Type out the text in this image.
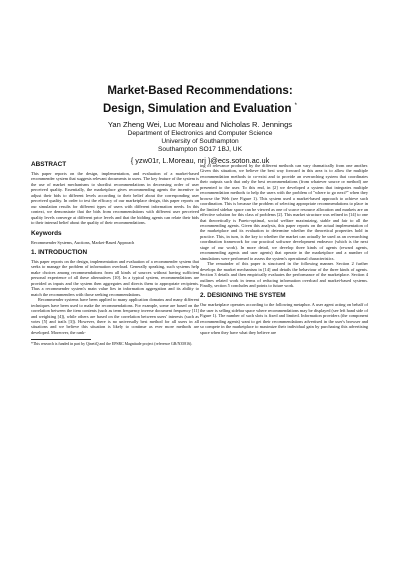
Market-Based Recommendations:
Design, Simulation and Evaluation *
Yan Zheng Wei, Luc Moreau and Nicholas R. Jennings
Department of Electronics and Computer Science
University of Southampton
Southampton SO17 1BJ, UK
{ yzw01r, L.Moreau, nrj }@ecs.soton.ac.uk
ABSTRACT

This paper reports on the design, implementation, and evaluation of a market-based recommender system that suggests relevant documents to users. The key feature of the system is the use of market mechanisms to shortlist recommendations in decreasing order of user perceived quality. Essentially, the marketplace gives recommending agents the incentive to adjust their bids to different levels according to their belief about the corresponding user perceived quality. In order to test the efficacy of our marketplace design, this paper reports on our simulation results for different types of users with different information needs. In this context, we demonstrate that the bids from recommendations with different user perceived quality levels converge at different price levels and that the bidding agents can relate their bids to their internal belief about the quality of their recommendations.

Keywords

Recommender Systems, Auctions, Market-Based Approach

1. INTRODUCTION

This paper reports on the design, implementation and evaluation of a recommender system that seeks to manage the problem of information overload. Generally speaking, such systems help make choices among recommendations from all kinds of sources without having sufficient personal experience of all these alternatives [10]. In a typical system, recommendations are provided as inputs and the system then aggregates and directs them to appropriate recipients. Thus a recommender system's main value lies in information aggregation and its ability to match the recommenders with those seeking recommendations.

Recommender systems have been applied to many application domains and many different techniques have been used to make the recommendations. For example, some are based on the correlation between the item contents (such as term frequency inverse document frequency [11] and weighting [4]), while others are based on the correlation between users' interests (such as votes [5] and trails [3]). However, there is no universally best method for all users in all situations and we believe this situation is likely to continue as ever more methods are developed. Moreover, the rank-

*This research is funded in part by QinetiQ and the EPSRC Magnitude project (reference GR/N35816).

ing of relevance produced by the different methods can vary dramatically from one another. Given this situation, we believe the best way forward in this area is to allow the multiple recommendation methods to co-exist and to provide an overarching system that coordinates their outputs such that only the best recommendations (from whatever source or method) are presented to the user. To this end, in [2] we developed a system that integrates multiple recommendation methods to help the users with the problem of "where to go next?" when they browse the Web (see Figure 1). This system used a market-based approach to achieve such coordination. This is because the problem of selecting appropriate recommendations to place in the limited sidebar space can be viewed as one of scarce resource allocation and markets are an effective solution for this class of problems [2]. This market structure was refined in [14] to one that theoretically is Pareto-optimal, social welfare maximizing, stable and fair to all the recommending agents. Given this analysis, this paper reports on the actual implementation of the marketplace and its evaluation to determine whether the theoretical properties hold in practice. This, in turn, is the key to whether the market can actually be used as an overarching coordination framework for our practical software development endeavor (which is the next stage of our work). In more detail, we develop three kinds of agents (reward agents, recommending agents and user agents) that operate in the marketplace and a number of simulations were performed to assess the system's operational characteristics.

The remainder of this paper is structured in the following manner. Section 2 further develops the market mechanism in [14] and details the behaviour of the three kinds of agents. Section 3 details and then empirically evaluates the performance of the marketplace. Section 4 outlines related work in terms of reducing information overload and market-based systems. Finally, section 5 concludes and points to future work.

2. DESIGNING THE SYSTEM

Our marketplace operates according to the following metaphor. A user agent acting on behalf of the user is selling sidebar space where recommendations may be displayed (see left hand side of Figure 1). The number of such slots is fixed and limited. Information providers (the component recommending agents) want to get their recommendations advertised in the user's browser and so compete in the marketplace to maximize their individual gain by purchasing this advertising space when they have what they believe are
